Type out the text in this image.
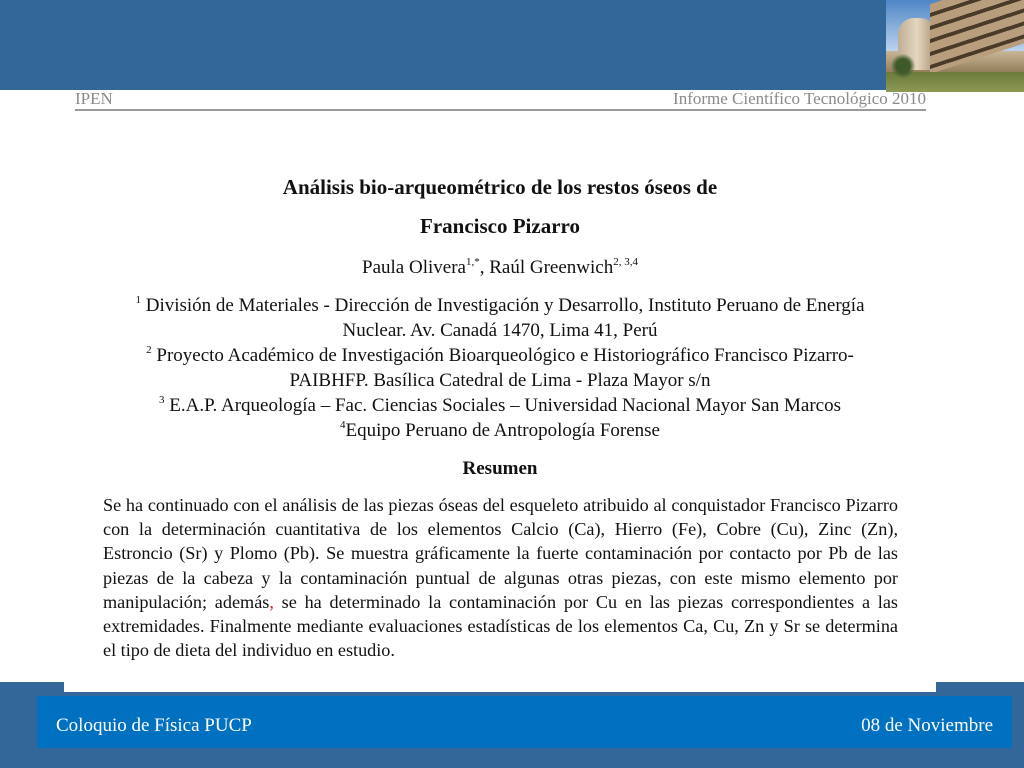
IPEN	Informe Científico Tecnológico 2010
Análisis bio-arqueométrico de los restos óseos de
Francisco Pizarro
Paula Olivera$^{1,*}$, Raúl Greenwich$^{2, 3,4}$
$^1$ División de Materiales - Dirección de Investigación y Desarrollo, Instituto Peruano de Energía
Nuclear. Av. Canadá 1470, Lima 41, Perú
$^2$ Proyecto Académico de Investigación Bioarqueológico e Historiográfico Francisco Pizarro-
PAIBHFP. Basílica Catedral de Lima - Plaza Mayor s/n
$^3$ E.A.P. Arqueología – Fac. Ciencias Sociales – Universidad Nacional Mayor San Marcos
$^4$Equipo Peruano de Antropología Forense
Resumen
Se ha continuado con el análisis de las piezas óseas del esqueleto atribuido al conquistador Francisco Pizarro con la determinación cuantitativa de los elementos Calcio (Ca), Hierro (Fe), Cobre (Cu), Zinc (Zn), Estroncio (Sr) y Plomo (Pb). Se muestra gráficamente la fuerte contaminación por contacto por Pb de las piezas de la cabeza y la contaminación puntual de algunas otras piezas, con este mismo elemento por manipulación; además, se ha determinado la contaminación por Cu en las piezas correspondientes a las extremidades. Finalmente mediante evaluaciones estadísticas de los elementos Ca, Cu, Zn y Sr se determina el tipo de dieta del individuo en estudio.
Coloquio de Física PUCP	08 de Noviembre
